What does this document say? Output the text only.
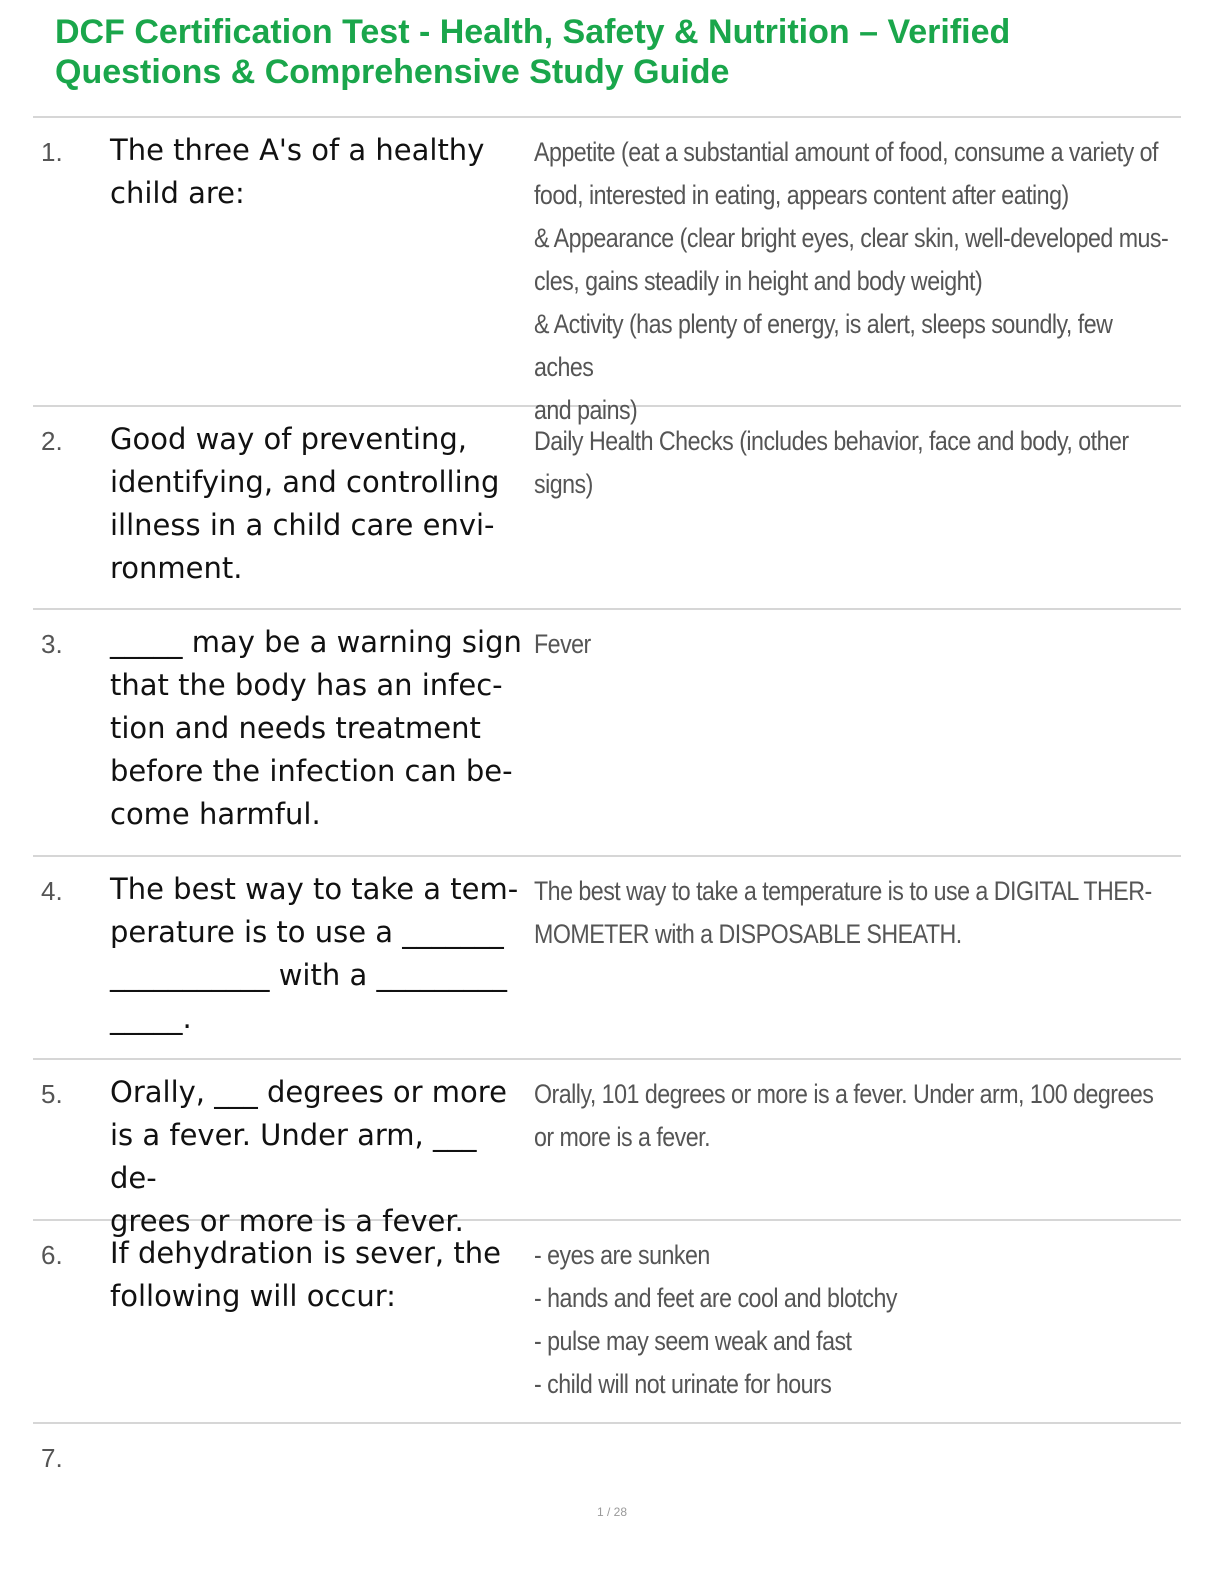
DCF Certification Test - Health, Safety & Nutrition – Verified
Questions & Comprehensive Study Guide
1. The three A's of a healthy
child are:
Appetite (eat a substantial amount of food, consume a variety of
food, interested in eating, appears content after eating)
& Appearance (clear bright eyes, clear skin, well-developed mus-
cles, gains steadily in height and body weight)
& Activity (has plenty of energy, is alert, sleeps soundly, few aches
and pains)
2. Good way of preventing,
identifying, and controlling
illness in a child care envi-
ronment.
Daily Health Checks (includes behavior, face and body, other
signs)
3. _____ may be a warning sign
that the body has an infec-
tion and needs treatment
before the infection can be-
come harmful.
Fever
4. The best way to take a tem-
perature is to use a _______
___________ with a _________
_____.
The best way to take a temperature is to use a DIGITAL THER-
MOMETER with a DISPOSABLE SHEATH.
5. Orally, ___ degrees or more
is a fever. Under arm, ___ de-
grees or more is a fever.
Orally, 101 degrees or more is a fever. Under arm, 100 degrees
or more is a fever.
6. If dehydration is sever, the
following will occur:
- eyes are sunken
- hands and feet are cool and blotchy
- pulse may seem weak and fast
- child will not urinate for hours
7.
1 / 28
